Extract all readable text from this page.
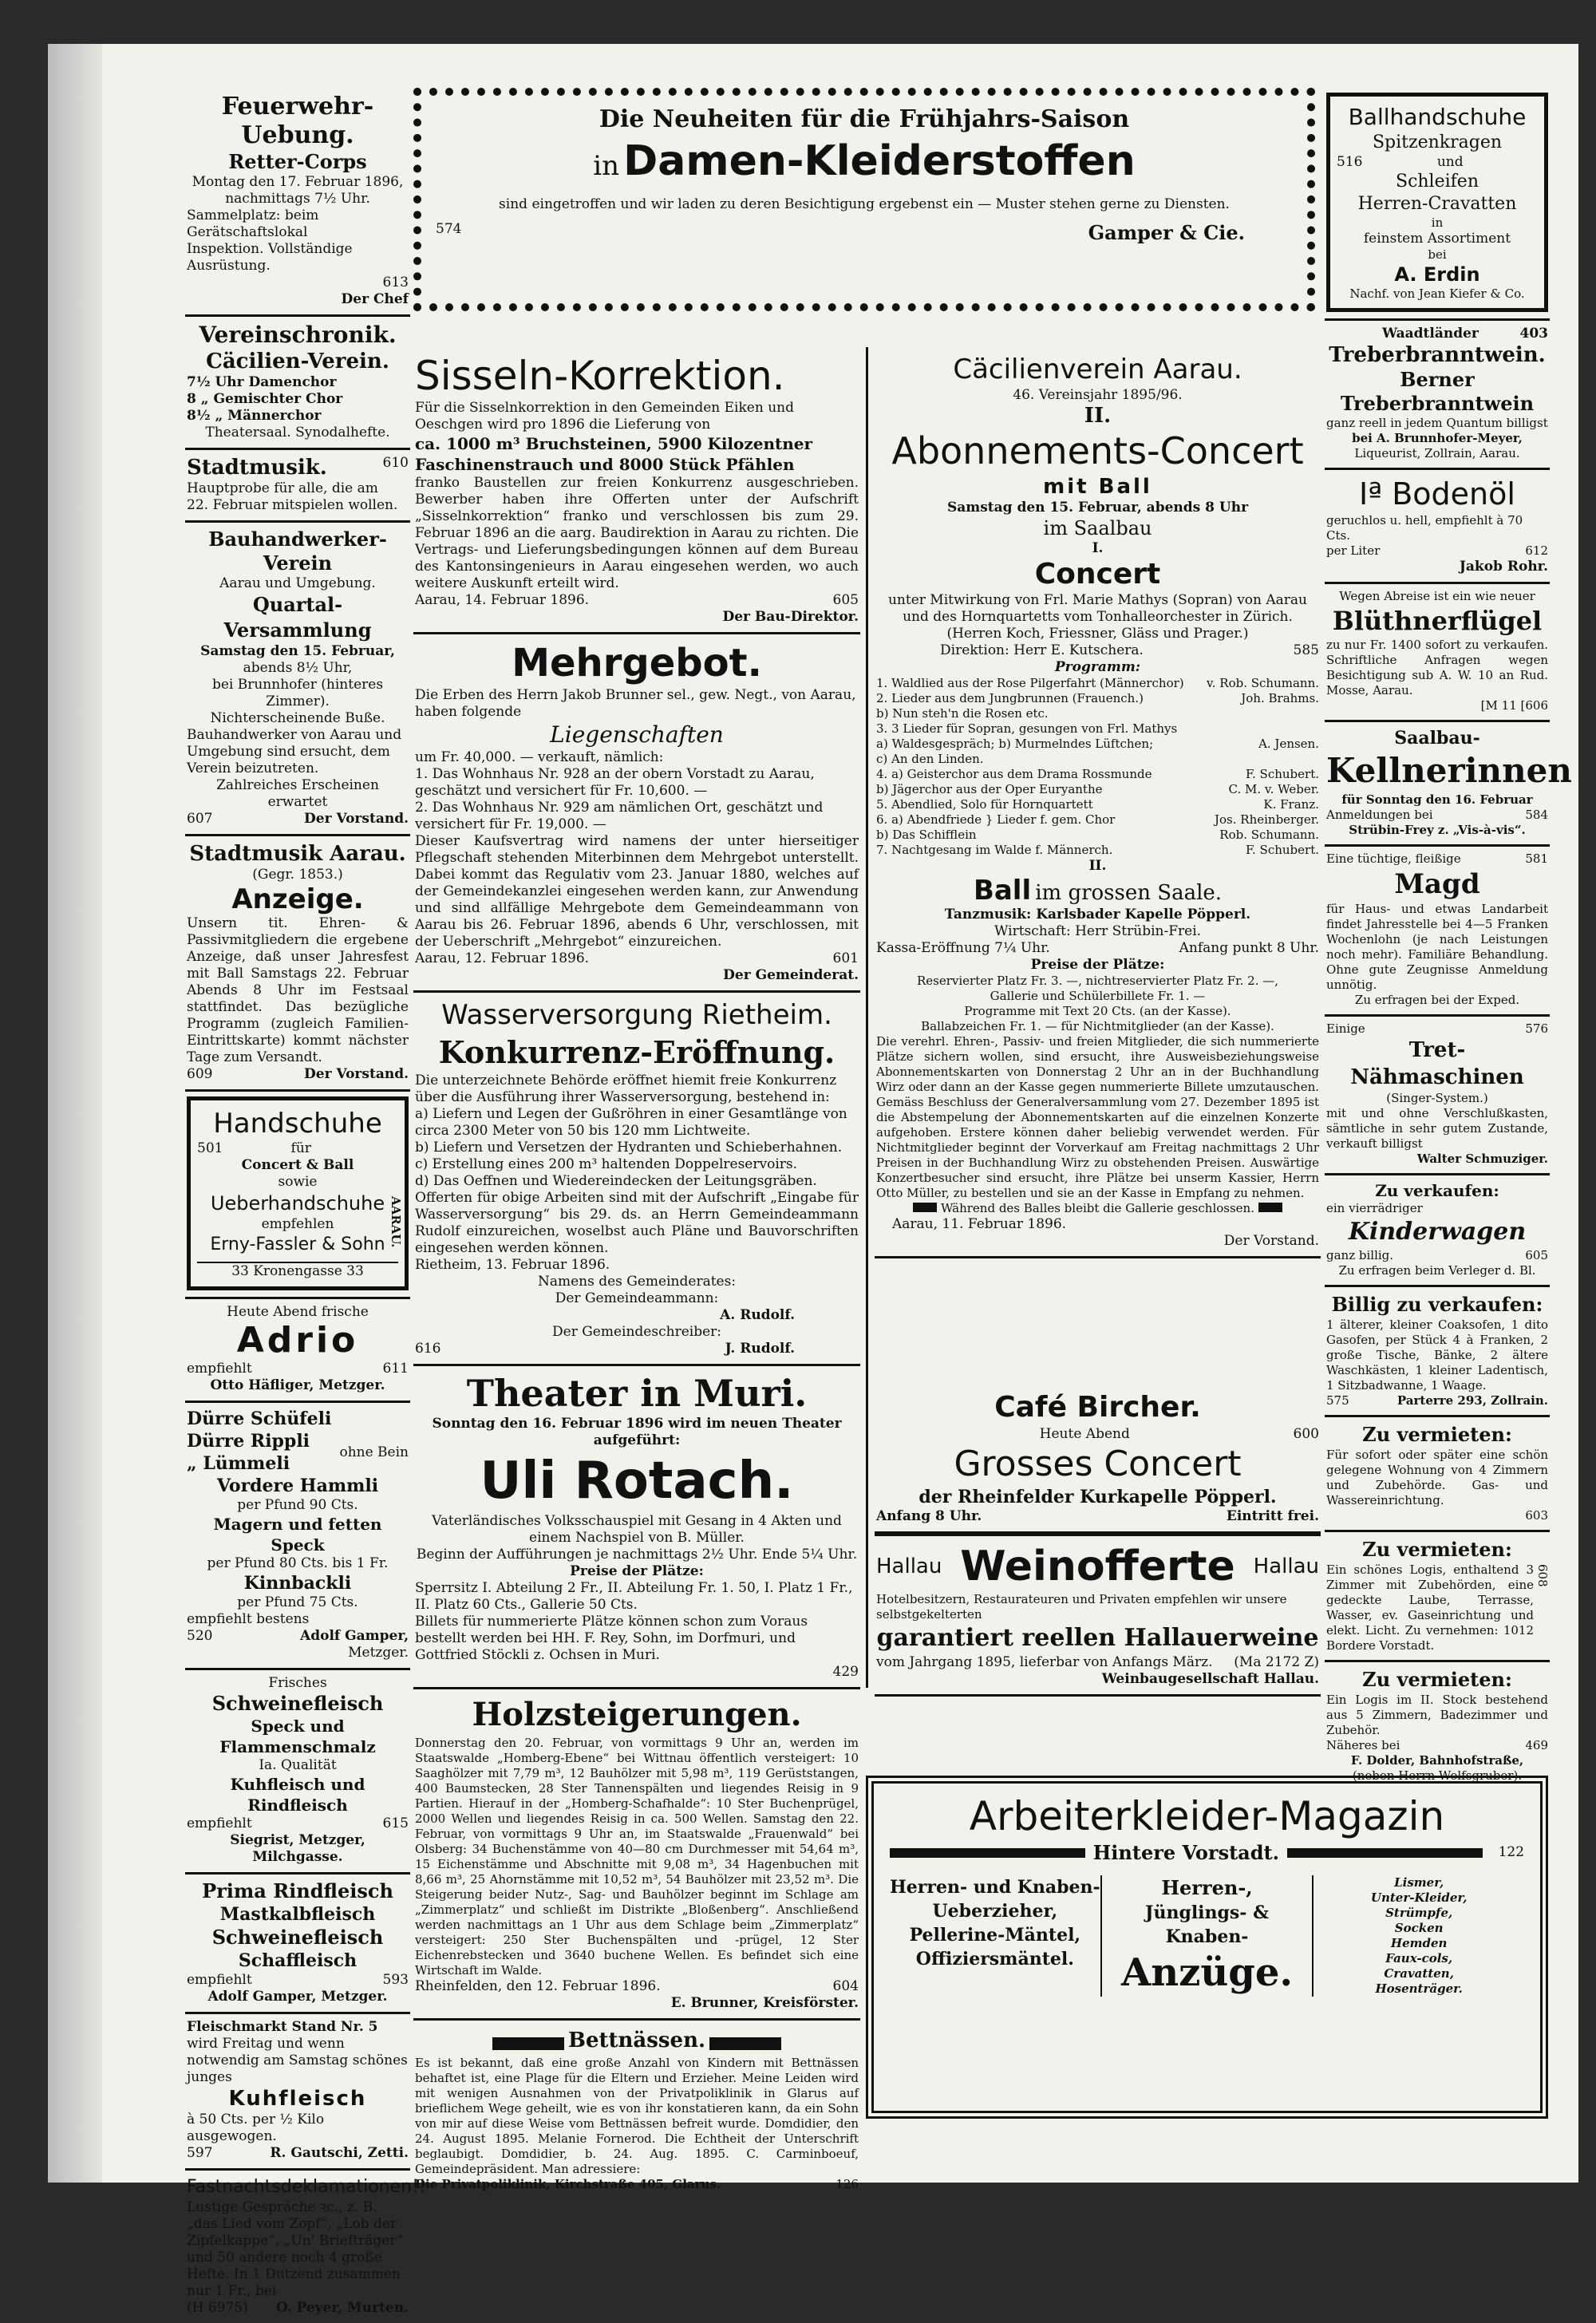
Feuerwehr-Uebung.
Retter-Corps
Montag den 17. Februar 1896,
nachmittags 7½ Uhr.
Sammelplatz: beim Gerätschaftslokal
Inspektion. Vollständige Ausrüstung.
613
Der Chef
Vereinschronik.
Cäcilien-Verein.
7½ Uhr Damenchor
8 „ Gemischter Chor
8½ „ Männerchor
Theatersaal. Synodalhefte.
Stadtmusik.	610
Hauptprobe für alle, die am
22. Februar mitspielen wollen.
Bauhandwerker-Verein
Aarau und Umgebung.
Quartal-Versammlung
Samstag den 15. Februar,
abends 8½ Uhr,
bei Brunnhofer (hinteres Zimmer).
Nichterscheinende Buße.
Bauhandwerker von Aarau und Umgebung sind ersucht, dem Verein beizutreten.
Zahlreiches Erscheinen erwartet
607	Der Vorstand.
Stadtmusik Aarau.
(Gegr. 1853.)
Anzeige.
Unsern tit. Ehren- & Passivmitgliedern die ergebene Anzeige, daß unser Jahresfest mit Ball Samstags 22. Februar Abends 8 Uhr im Festsaal stattfindet. Das bezügliche Programm (zugleich Familien-Eintrittskarte) kommt nächster Tage zum Versandt.
609	Der Vorstand.
Handschuhe
501	für
Concert & Ball
sowie
Ueberhandschuhe
empfehlen
Erny-Fassler & Sohn
33 Kronengasse 33
AARAU.
Heute Abend frische
Adrio
empfiehlt	611
Otto Häfliger, Metzger.
Dürre Schüfeli
Dürre Rippli
„ Lümmeli
ohne Bein
Vordere Hammli
per Pfund 90 Cts.
Magern und fetten Speck
per Pfund 80 Cts. bis 1 Fr.
Kinnbackli
per Pfund 75 Cts.
empfiehlt bestens
520	Adolf Gamper,
Metzger.
Frisches
Schweinefleisch
Speck und Flammenschmalz
Ia. Qualität
Kuhfleisch und Rindfleisch
empfiehlt	615
Siegrist, Metzger, Milchgasse.
Prima Rindfleisch
Mastkalbfleisch
Schweinefleisch
Schaffleisch
empfiehlt	593
Adolf Gamper, Metzger.
Fleischmarkt Stand Nr. 5
wird Freitag und wenn notwendig am Samstag schönes junges
Kuhfleisch
à 50 Cts. per ½ Kilo ausgewogen.
597	R. Gautschi, Zetti.
Fastnachtsdeklamationen!!
Lustige Gespräche ꝛc., z. B. „das Lied vom Zopf“, „Lob der Zipfelkappe“, „Un' Briefträger“ und 50 andere noch 4 große Hefte. In 1 Dutzend zusammen nur 1 Fr., bei
(H 6975) O. Peyer, Murten.
Die Neuheiten für die Frühjahrs-Saison
in Damen-Kleiderstoffen
sind eingetroffen und wir laden zu deren Besichtigung ergebenst ein — Muster stehen gerne zu Diensten.
574	Gamper & Cie.
Sisseln-Korrektion.
Für die Sisselnkorrektion in den Gemeinden Eiken und Oeschgen wird pro 1896 die Lieferung von
ca. 1000 m³ Bruchsteinen, 5900 Kilozentner Faschinenstrauch und 8000 Stück Pfählen
franko Baustellen zur freien Konkurrenz ausgeschrieben. Bewerber haben ihre Offerten unter der Aufschrift „Sisselnkorrektion“ franko und verschlossen bis zum 29. Februar 1896 an die aarg. Baudirektion in Aarau zu richten. Die Vertrags- und Lieferungsbedingungen können auf dem Bureau des Kantonsingenieurs in Aarau eingesehen werden, wo auch weitere Auskunft erteilt wird.
Aarau, 14. Februar 1896.	605
Der Bau-Direktor.
Mehrgebot.
Die Erben des Herrn Jakob Brunner sel., gew. Negt., von Aarau, haben folgende
Liegenschaften
um Fr. 40,000. — verkauft, nämlich:
1. Das Wohnhaus Nr. 928 an der obern Vorstadt zu Aarau, geschätzt und versichert für Fr. 10,600. —
2. Das Wohnhaus Nr. 929 am nämlichen Ort, geschätzt und versichert für Fr. 19,000. —
Dieser Kaufsvertrag wird namens der unter hierseitiger Pflegschaft stehenden Miterbinnen dem Mehrgebot unterstellt. Dabei kommt das Regulativ vom 23. Januar 1880, welches auf der Gemeindekanzlei eingesehen werden kann, zur Anwendung und sind allfällige Mehrgebote dem Gemeindeammann von Aarau bis 26. Februar 1896, abends 6 Uhr, verschlossen, mit der Ueberschrift „Mehrgebot“ einzureichen.
Aarau, 12. Februar 1896.	601
Der Gemeinderat.
Wasserversorgung Rietheim.
Konkurrenz-Eröffnung.
Die unterzeichnete Behörde eröffnet hiemit freie Konkurrenz über die Ausführung ihrer Wasserversorgung, bestehend in:
a) Liefern und Legen der Gußröhren in einer Gesamtlänge von circa 2300 Meter von 50 bis 120 mm Lichtweite.
b) Liefern und Versetzen der Hydranten und Schieberhahnen.
c) Erstellung eines 200 m³ haltenden Doppelreservoirs.
d) Das Oeffnen und Wiedereindecken der Leitungsgräben.
Offerten für obige Arbeiten sind mit der Aufschrift „Eingabe für Wasserversorgung“ bis 29. ds. an Herrn Gemeindeammann Rudolf einzureichen, woselbst auch Pläne und Bauvorschriften eingesehen werden können.
Rietheim, 13. Februar 1896.
Namens des Gemeinderates:
Der Gemeindeammann:
A. Rudolf.
Der Gemeindeschreiber:
616	J. Rudolf.
Theater in Muri.
Sonntag den 16. Februar 1896 wird im neuen Theater aufgeführt:
Uli Rotach.
Vaterländisches Volksschauspiel mit Gesang in 4 Akten und einem Nachspiel von B. Müller.
Beginn der Aufführungen je nachmittags 2½ Uhr. Ende 5¼ Uhr.
Preise der Plätze:
Sperrsitz I. Abteilung 2 Fr., II. Abteilung Fr. 1. 50, I. Platz 1 Fr., II. Platz 60 Cts., Gallerie 50 Cts.
Billets für nummerierte Plätze können schon zum Voraus bestellt werden bei HH. F. Rey, Sohn, im Dorfmuri, und Gottfried Stöckli z. Ochsen in Muri.
429
Holzsteigerungen.
Donnerstag den 20. Februar, von vormittags 9 Uhr an, werden im Staatswalde „Homberg-Ebene“ bei Wittnau öffentlich versteigert: 10 Saaghölzer mit 7,79 m³, 12 Bauhölzer mit 5,98 m³, 119 Gerüststangen, 400 Baumstecken, 28 Ster Tannenspälten und liegendes Reisig in 9 Partien. Hierauf in der „Homberg-Schafhalde“: 10 Ster Buchenprügel, 2000 Wellen und liegendes Reisig in ca. 500 Wellen. Samstag den 22. Februar, von vormittags 9 Uhr an, im Staatswalde „Frauenwald“ bei Olsberg: 34 Buchenstämme von 40—80 cm Durchmesser mit 54,64 m³, 15 Eichenstämme und Abschnitte mit 9,08 m³, 34 Hagenbuchen mit 8,66 m³, 25 Ahornstämme mit 10,52 m³, 54 Bauhölzer mit 23,52 m³. Die Steigerung beider Nutz-, Sag- und Bauhölzer beginnt im Schlage am „Zimmerplatz“ und schließt im Distrikte „Bloßenberg“. Anschließend werden nachmittags an 1 Uhr aus dem Schlage beim „Zimmerplatz“ versteigert: 250 Ster Buchenspälten und -prügel, 12 Ster Eichenrebstecken und 3640 buchene Wellen. Es befindet sich eine Wirtschaft im Walde.
Rheinfelden, den 12. Februar 1896.	604
E. Brunner, Kreisförster.
Bettnässen.
Es ist bekannt, daß eine große Anzahl von Kindern mit Bettnässen behaftet ist, eine Plage für die Eltern und Erzieher. Meine Leiden wird mit wenigen Ausnahmen von der Privatpoliklinik in Glarus auf brieflichem Wege geheilt, wie es von ihr konstatieren kann, da ein Sohn von mir auf diese Weise vom Bettnässen befreit wurde. Domdidier, den 24. August 1895. Melanie Fornerod. Die Echtheit der Unterschrift beglaubigt. Domdidier, b. 24. Aug. 1895. C. Carminboeuf, Gemeindepräsident. Man adressiere:
Die Privatpoliklinik, Kirchstraße 405, Glarus.	126
Cäcilienverein Aarau.
46. Vereinsjahr 1895/96.
II.
Abonnements-Concert
mit Ball
Samstag den 15. Februar, abends 8 Uhr
im Saalbau
I.
Concert
unter Mitwirkung von Frl. Marie Mathys (Sopran) von Aarau und des Hornquartetts vom Tonhalleorchester in Zürich.
(Herren Koch, Friessner, Gläss und Prager.)
Direktion: Herr E. Kutschera.	585
Programm:
1. Waldlied aus der Rose Pilgerfahrt (Männerchor) v. Rob. Schumann.
2. Lieder aus dem Jungbrunnen (Frauench.)	Joh. Brahms.
b) Nun steh'n die Rosen etc.
3. 3 Lieder für Sopran, gesungen von Frl. Mathys
a) Waldesgespräch; b) Murmelndes Lüftchen;	A. Jensen.
c) An den Linden.
4. a) Geisterchor aus dem Drama Rossmunde	F. Schubert.
b) Jägerchor aus der Oper Euryanthe	C. M. v. Weber.
5. Abendlied, Solo für Hornquartett	K. Franz.
6. a) Abendfriede } Lieder f. gem. Chor	Jos. Rheinberger.
b) Das Schifflein	Rob. Schumann.
7. Nachtgesang im Walde f. Männerch.	F. Schubert.
II.
Ball im grossen Saale.
Tanzmusik: Karlsbader Kapelle Pöpperl.
Wirtschaft: Herr Strübin-Frei.
Kassa-Eröffnung 7¼ Uhr.	Anfang punkt 8 Uhr.
Preise der Plätze:
Reservierter Platz Fr. 3. —, nichtreservierter Platz Fr. 2. —,
Gallerie und Schülerbillete Fr. 1. —
Programme mit Text 20 Cts. (an der Kasse).
Ballabzeichen Fr. 1. — für Nichtmitglieder (an der Kasse).
Die verehrl. Ehren-, Passiv- und freien Mitglieder, die sich nummerierte Plätze sichern wollen, sind ersucht, ihre Ausweisbeziehungsweise Abonnementskarten von Donnerstag 2 Uhr an in der Buchhandlung Wirz oder dann an der Kasse gegen nummerierte Billete umzutauschen. Gemäss Beschluss der Generalversammlung vom 27. Dezember 1895 ist die Abstempelung der Abonnementskarten auf die einzelnen Konzerte aufgehoben. Erstere können daher beliebig verwendet werden. Für Nichtmitglieder beginnt der Vorverkauf am Freitag nachmittags 2 Uhr Preisen in der Buchhandlung Wirz zu obstehenden Preisen. Auswärtige Konzertbesucher sind ersucht, ihre Plätze bei unserm Kassier, Herrn Otto Müller, zu bestellen und sie an der Kasse in Empfang zu nehmen.
Während des Balles bleibt die Gallerie geschlossen.
Aarau, 11. Februar 1896.
Der Vorstand.
Café Bircher.
Heute Abend	600
Grosses Concert
der Rheinfelder Kurkapelle Pöpperl.
Anfang 8 Uhr.	Eintritt frei.
Hallau Weinofferte Hallau
Hotelbesitzern, Restaurateuren und Privaten empfehlen wir unsere selbstgekelterten
garantiert reellen Hallauerweine
vom Jahrgang 1895, lieferbar von Anfangs März. (Ma 2172 Z)
Weinbaugesellschaft Hallau.
Arbeiterkleider-Magazin
Hintere Vorstadt.	122
Herren- und Knaben-
Ueberzieher,
Pellerine-Mäntel,
Offiziersmäntel.
Herren-,
Jünglings- & Knaben-
Anzüge.
Lismer,
Unter-Kleider,
Strümpfe,
Socken
Hemden
Faux-cols,
Cravatten,
Hosenträger.
Ballhandschuhe
Spitzenkragen
516	und
Schleifen
Herren-Cravatten
in
feinstem Assortiment
bei
A. Erdin
Nachf. von Jean Kiefer & Co.
Waadtländer	403
Treberbranntwein.
Berner Treberbranntwein
ganz reell in jedem Quantum billigst
bei A. Brunnhofer-Meyer,
Liqueurist, Zollrain, Aarau.
Iª Bodenöl
geruchlos u. hell, empfiehlt à 70 Cts.
per Liter	612
Jakob Rohr.
Wegen Abreise ist ein wie neuer
Blüthnerflügel
zu nur Fr. 1400 sofort zu verkaufen. Schriftliche Anfragen wegen Besichtigung sub A. W. 10 an Rud. Mosse, Aarau.
[M 11 [606
Saalbau-
Kellnerinnen
für Sonntag den 16. Februar
Anmeldungen bei	584
Strübin-Frey z. „Vis-à-vis“.
Eine tüchtige, fleißige	581
Magd
für Haus- und etwas Landarbeit findet Jahresstelle bei 4—5 Franken Wochenlohn (je nach Leistungen noch mehr). Familiäre Behandlung. Ohne gute Zeugnisse Anmeldung unnötig.
Zu erfragen bei der Exped.
Einige	576
Tret-Nähmaschinen
(Singer-System.)
mit und ohne Verschlußkasten, sämtliche in sehr gutem Zustande, verkauft billigst
Walter Schmuziger.
Zu verkaufen:
ein vierrädriger
Kinderwagen
ganz billig.	605
Zu erfragen beim Verleger d. Bl.
Billig zu verkaufen:
1 älterer, kleiner Coaksofen, 1 dito Gasofen, per Stück 4 à Franken, 2 große Tische, Bänke, 2 ältere Waschkästen, 1 kleiner Ladentisch, 1 Sitzbadwanne, 1 Waage.
575	Parterre 293, Zollrain.
Zu vermieten:
Für sofort oder später eine schön gelegene Wohnung von 4 Zimmern und Zubehörde. Gas- und Wassereinrichtung.
603
Zu vermieten:
Ein schönes Logis, enthaltend 3 Zimmer mit Zubehörden, eine gedeckte Laube, Terrasse, Wasser, ev. Gaseinrichtung und elekt. Licht. Zu vernehmen: 1012 Bordere Vorstadt.
608
Zu vermieten:
Ein Logis im II. Stock bestehend aus 5 Zimmern, Badezimmer und Zubehör.
Näheres bei	469
F. Dolder, Bahnhofstraße,
(neben Herrn Wolfsgruber).
